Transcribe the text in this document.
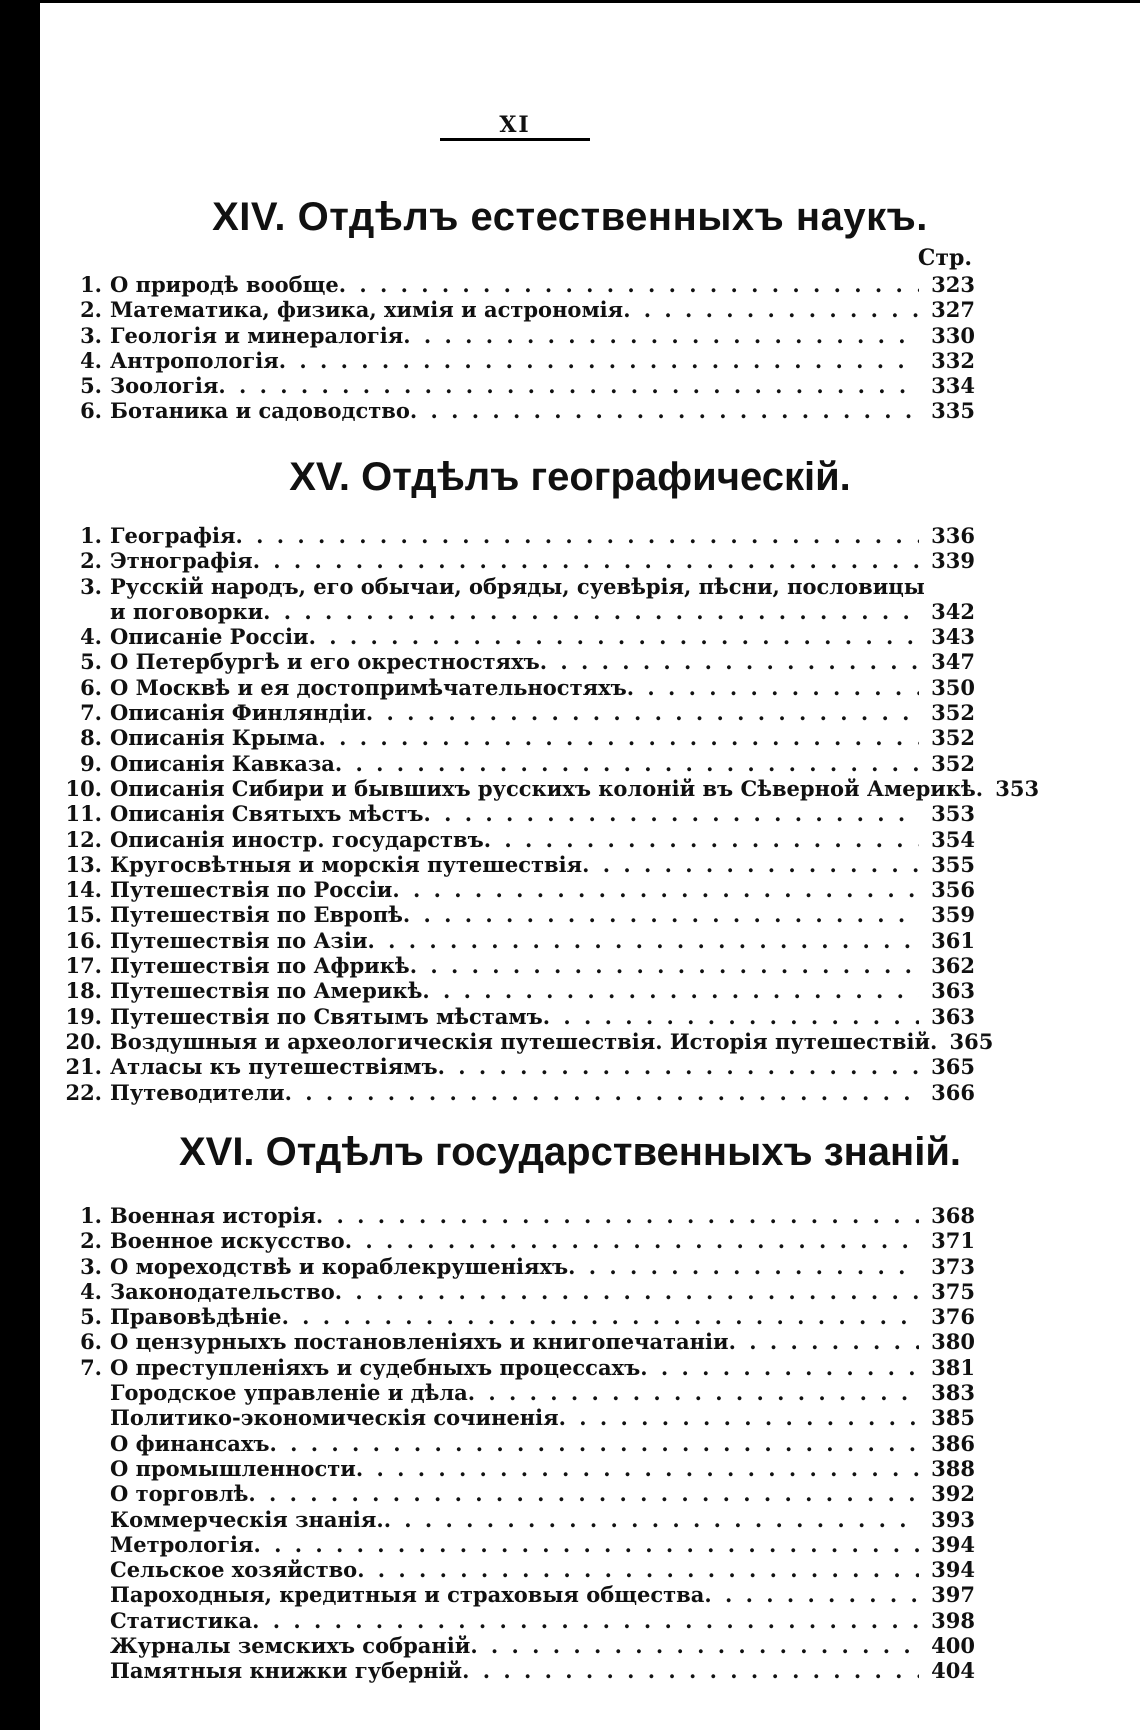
XI
XIV. Отдѣлъ естественныхъ наукъ.
Стр.
1. О природѣ вообще . . .	323
2. Математика, физика, химія и астрономія . . .	327
3. Геологія и минералогія . . .	330
4. Антропологія . . .	332
5. Зоологія . . .	334
6. Ботаника и садоводство . . .	335
XV. Отдѣлъ географическій.
1. Географія . . .	336
2. Этнографія . . .	339
3. Русскій народъ, его обычаи, обряды, суевѣрія, пѣсни, пословицы
и поговорки . . .	342
4. Описаніе Россіи . . .	343
5. О Петербургѣ и его окрестностяхъ . . .	347
6. О Москвѣ и ея достопримѣчательностяхъ . . .	350
7. Описанія Финляндіи . . .	352
8. Описанія Крыма . . .	352
9. Описанія Кавказа . . .	352
10. Описанія Сибири и бывшихъ русскихъ колоній въ Сѣверной Америкѣ. 353
11. Описанія Святыхъ мѣстъ . . .	353
12. Описанія иностр. государствъ . . .	354
13. Кругосвѣтныя и морскія путешествія . . .	355
14. Путешествія по Россіи . . .	356
15. Путешествія по Европѣ . . .	359
16. Путешествія по Азіи . . .	361
17. Путешествія по Африкѣ . . .	362
18. Путешествія по Америкѣ . . .	363
19. Путешествія по Святымъ мѣстамъ . . .	363
20. Воздушныя и археологическія путешествія. Исторія путешествій. 365
21. Атласы къ путешествіямъ . . .	365
22. Путеводители . . .	366
XVI. Отдѣлъ государственныхъ знаній.
1. Военная исторія . . .	368
2. Военное искусство . . .	371
3. О мореходствѣ и кораблекрушеніяхъ . . .	373
4. Законодательство . . .	375
5. Правовѣдѣніе . . .	376
6. О цензурныхъ постановленіяхъ и книгопечатаніи . . .	380
7. О преступленіяхъ и судебныхъ процессахъ . . .	381
Городское управленіе и дѣла . . .	383
Политико-экономическія сочиненія . . .	385
О финансахъ . . .	386
О промышленности . . .	388
О торговлѣ . . .	392
Коммерческія знанія. . . .	393
Метрологія . . .	394
Сельское хозяйство . . .	394
Пароходныя, кредитныя и страховыя общества . . .	397
Статистика . . .	398
Журналы земскихъ собраній . . .	400
Памятныя книжки губерній . . .	404
